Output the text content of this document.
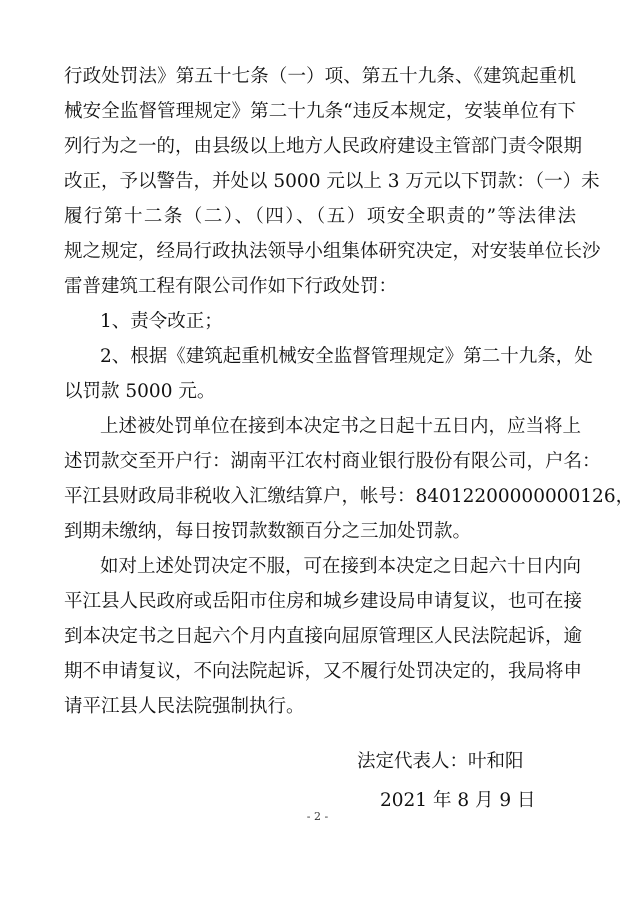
行政处罚法》第五十七条（一）项、第五十九条、《建筑起重机
械安全监督管理规定》第二十九条“违反本规定，安装单位有下
列行为之一的，由县级以上地方人民政府建设主管部门责令限期
改正，予以警告，并处以 5000 元以上 3 万元以下罚款：（一）未
履行第十二条（二）、（四）、（五）项安全职责的”等法律法
规之规定，经局行政执法领导小组集体研究决定，对安装单位长沙
雷普建筑工程有限公司作如下行政处罚：
1、责令改正；
2、根据《建筑起重机械安全监督管理规定》第二十九条，处
以罚款 5000 元。
上述被处罚单位在接到本决定书之日起十五日内，应当将上
述罚款交至开户行：湖南平江农村商业银行股份有限公司，户名：
平江县财政局非税收入汇缴结算户，帐号：84012200000000126，
到期未缴纳，每日按罚款数额百分之三加处罚款。
如对上述处罚决定不服，可在接到本决定之日起六十日内向
平江县人民政府或岳阳市住房和城乡建设局申请复议，也可在接
到本决定书之日起六个月内直接向屈原管理区人民法院起诉，逾
期不申请复议，不向法院起诉，又不履行处罚决定的，我局将申
请平江县人民法院强制执行。
法定代表人：叶和阳
2021 年 8 月 9 日
- 2 -
